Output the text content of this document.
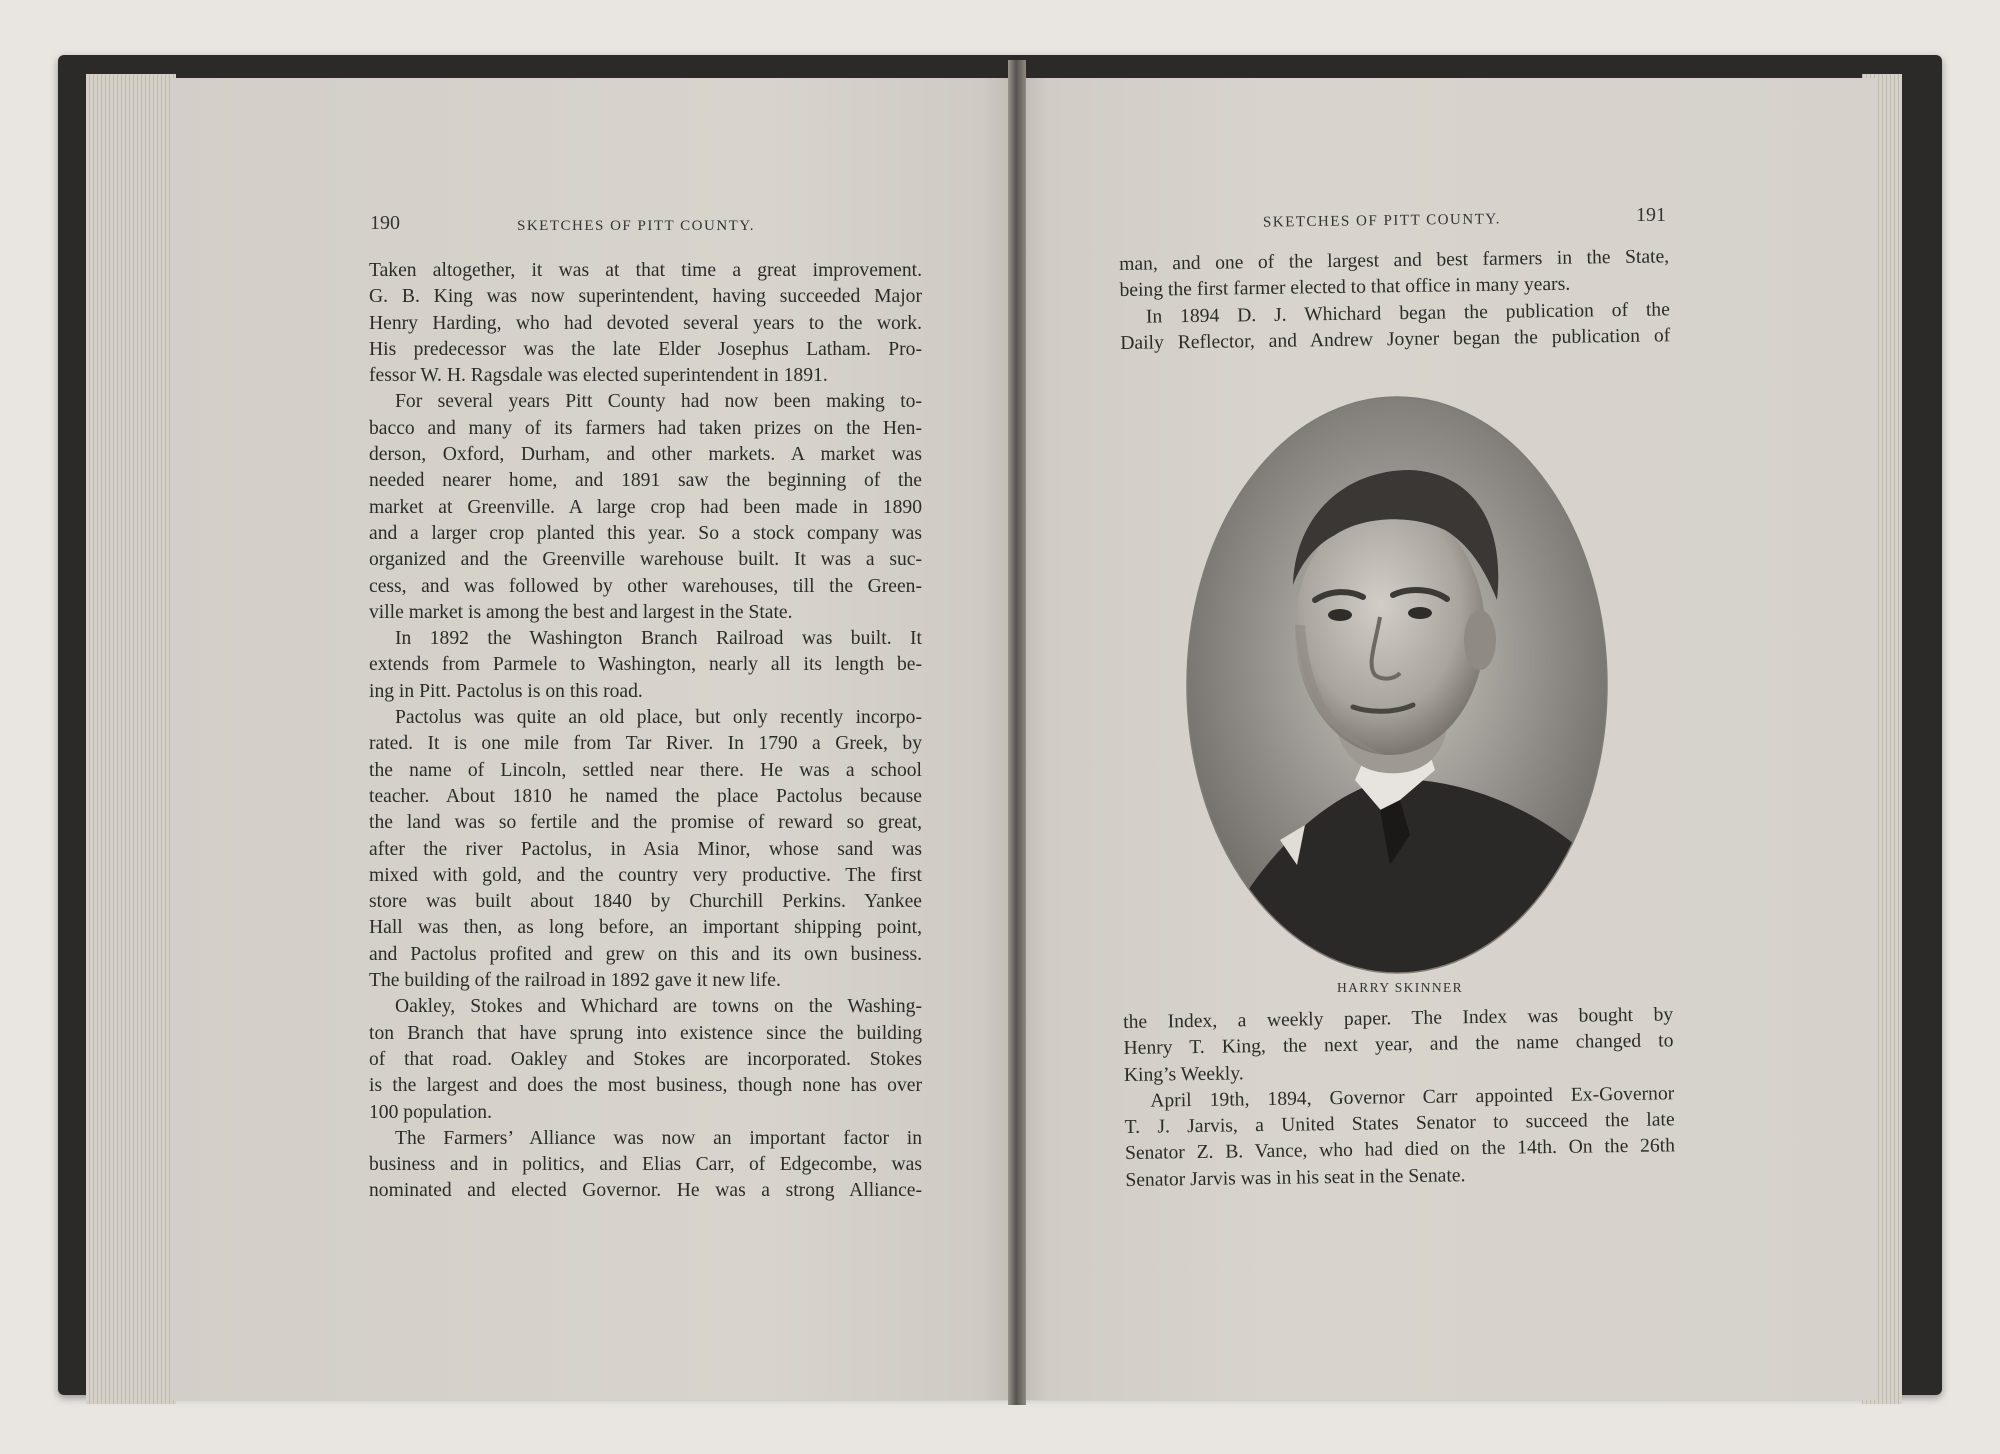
190	SKETCHES OF PITT COUNTY.
Taken altogether, it was at that time a great improvement.
G. B. King was now superintendent, having succeeded Major
Henry Harding, who had devoted several years to the work.
His predecessor was the late Elder Josephus Latham. Pro-
fessor W. H. Ragsdale was elected superintendent in 1891.
For several years Pitt County had now been making to-
bacco and many of its farmers had taken prizes on the Hen-
derson, Oxford, Durham, and other markets. A market was
needed nearer home, and 1891 saw the beginning of the
market at Greenville. A large crop had been made in 1890
and a larger crop planted this year. So a stock company was
organized and the Greenville warehouse built. It was a suc-
cess, and was followed by other warehouses, till the Green-
ville market is among the best and largest in the State.
In 1892 the Washington Branch Railroad was built. It
extends from Parmele to Washington, nearly all its length be-
ing in Pitt. Pactolus is on this road.
Pactolus was quite an old place, but only recently incorpo-
rated. It is one mile from Tar River. In 1790 a Greek, by
the name of Lincoln, settled near there. He was a school
teacher. About 1810 he named the place Pactolus because
the land was so fertile and the promise of reward so great,
after the river Pactolus, in Asia Minor, whose sand was
mixed with gold, and the country very productive. The first
store was built about 1840 by Churchill Perkins. Yankee
Hall was then, as long before, an important shipping point,
and Pactolus profited and grew on this and its own business.
The building of the railroad in 1892 gave it new life.
Oakley, Stokes and Whichard are towns on the Washing-
ton Branch that have sprung into existence since the building
of that road. Oakley and Stokes are incorporated. Stokes
is the largest and does the most business, though none has over
100 population.
The Farmers’ Alliance was now an important factor in
business and in politics, and Elias Carr, of Edgecombe, was
nominated and elected Governor. He was a strong Alliance-
SKETCHES OF PITT COUNTY.	191
man, and one of the largest and best farmers in the State,
being the first farmer elected to that office in many years.
In 1894 D. J. Whichard began the publication of the
Daily Reflector, and Andrew Joyner began the publication of
HARRY SKINNER
the Index, a weekly paper. The Index was bought by
Henry T. King, the next year, and the name changed to
King’s Weekly.
April 19th, 1894, Governor Carr appointed Ex-Governor
T. J. Jarvis, a United States Senator to succeed the late
Senator Z. B. Vance, who had died on the 14th. On the 26th
Senator Jarvis was in his seat in the Senate.
